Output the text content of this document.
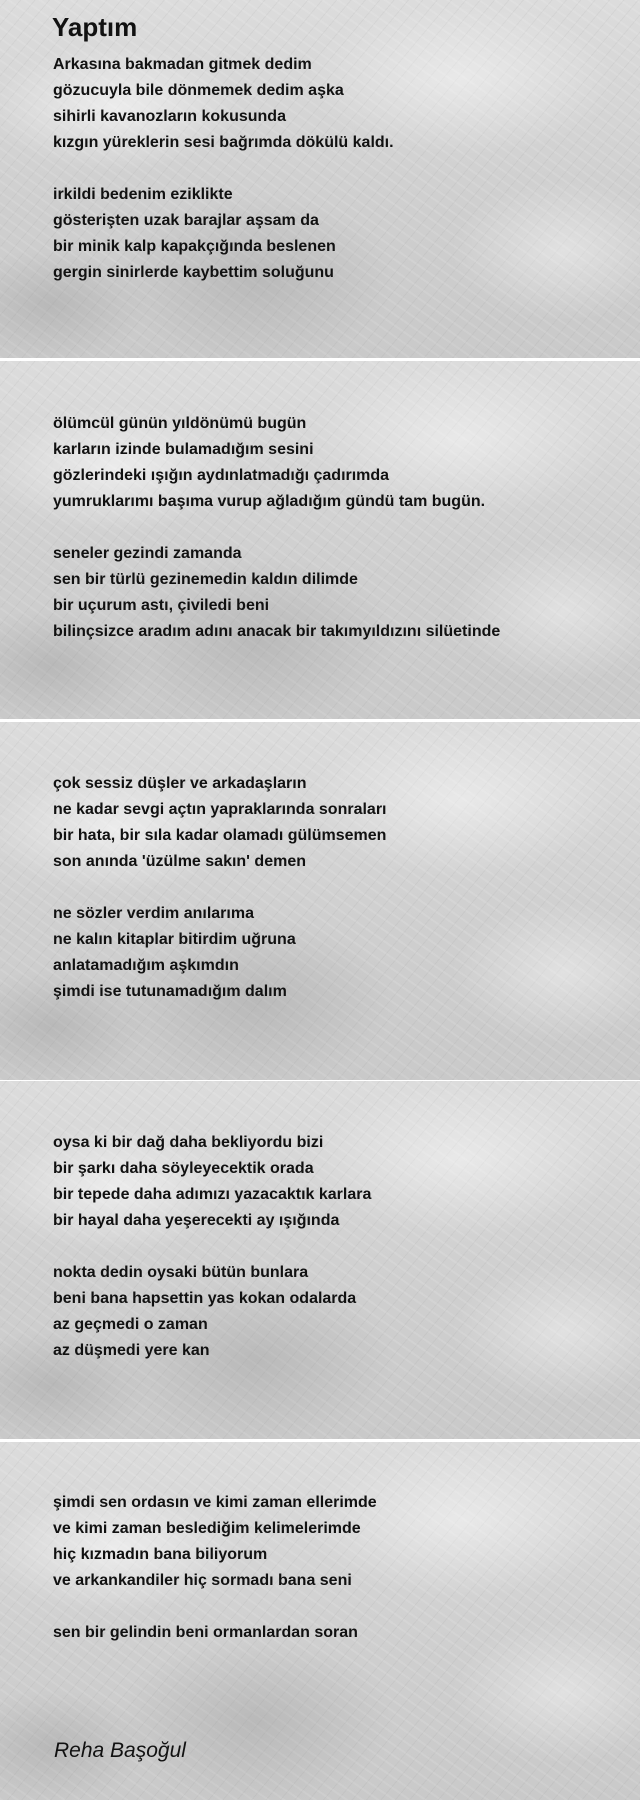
Yaptım
Arkasına bakmadan gitmek dedim
gözucuyla bile dönmemek dedim aşka
sihirli kavanozların kokusunda
kızgın yüreklerin sesi bağrımda dökülü kaldı.
irkildi bedenim eziklikte
gösterişten uzak barajlar aşsam da
bir minik kalp kapakçığında beslenen
gergin sinirlerde kaybettim soluğunu
ölümcül günün yıldönümü bugün
karların izinde bulamadığım sesini
gözlerindeki ışığın aydınlatmadığı çadırımda
yumruklarımı başıma vurup ağladığım gündü tam bugün.
seneler gezindi zamanda
sen bir türlü gezinemedin kaldın dilimde
bir uçurum astı, çiviledi beni
bilinçsizce aradım adını anacak bir takımyıldızını silüetinde
çok sessiz düşler ve arkadaşların
ne kadar sevgi açtın yapraklarında sonraları
bir hata, bir sıla kadar olamadı gülümsemen
son anında 'üzülme sakın' demen
ne sözler verdim anılarıma
ne kalın kitaplar bitirdim uğruna
anlatamadığım aşkımdın
şimdi ise tutunamadığım dalım
oysa ki bir dağ daha bekliyordu bizi
bir şarkı daha söyleyecektik orada
bir tepede daha adımızı yazacaktık karlara
bir hayal daha yeşerecekti ay ışığında
nokta dedin oysaki bütün bunlara
beni bana hapsettin yas kokan odalarda
az geçmedi o zaman
az düşmedi yere kan
şimdi sen ordasın ve kimi zaman ellerimde
ve kimi zaman beslediğim kelimelerimde
hiç kızmadın bana biliyorum
ve arkankandiler hiç sormadı bana seni
sen bir gelindin beni ormanlardan soran

Reha Başoğul
